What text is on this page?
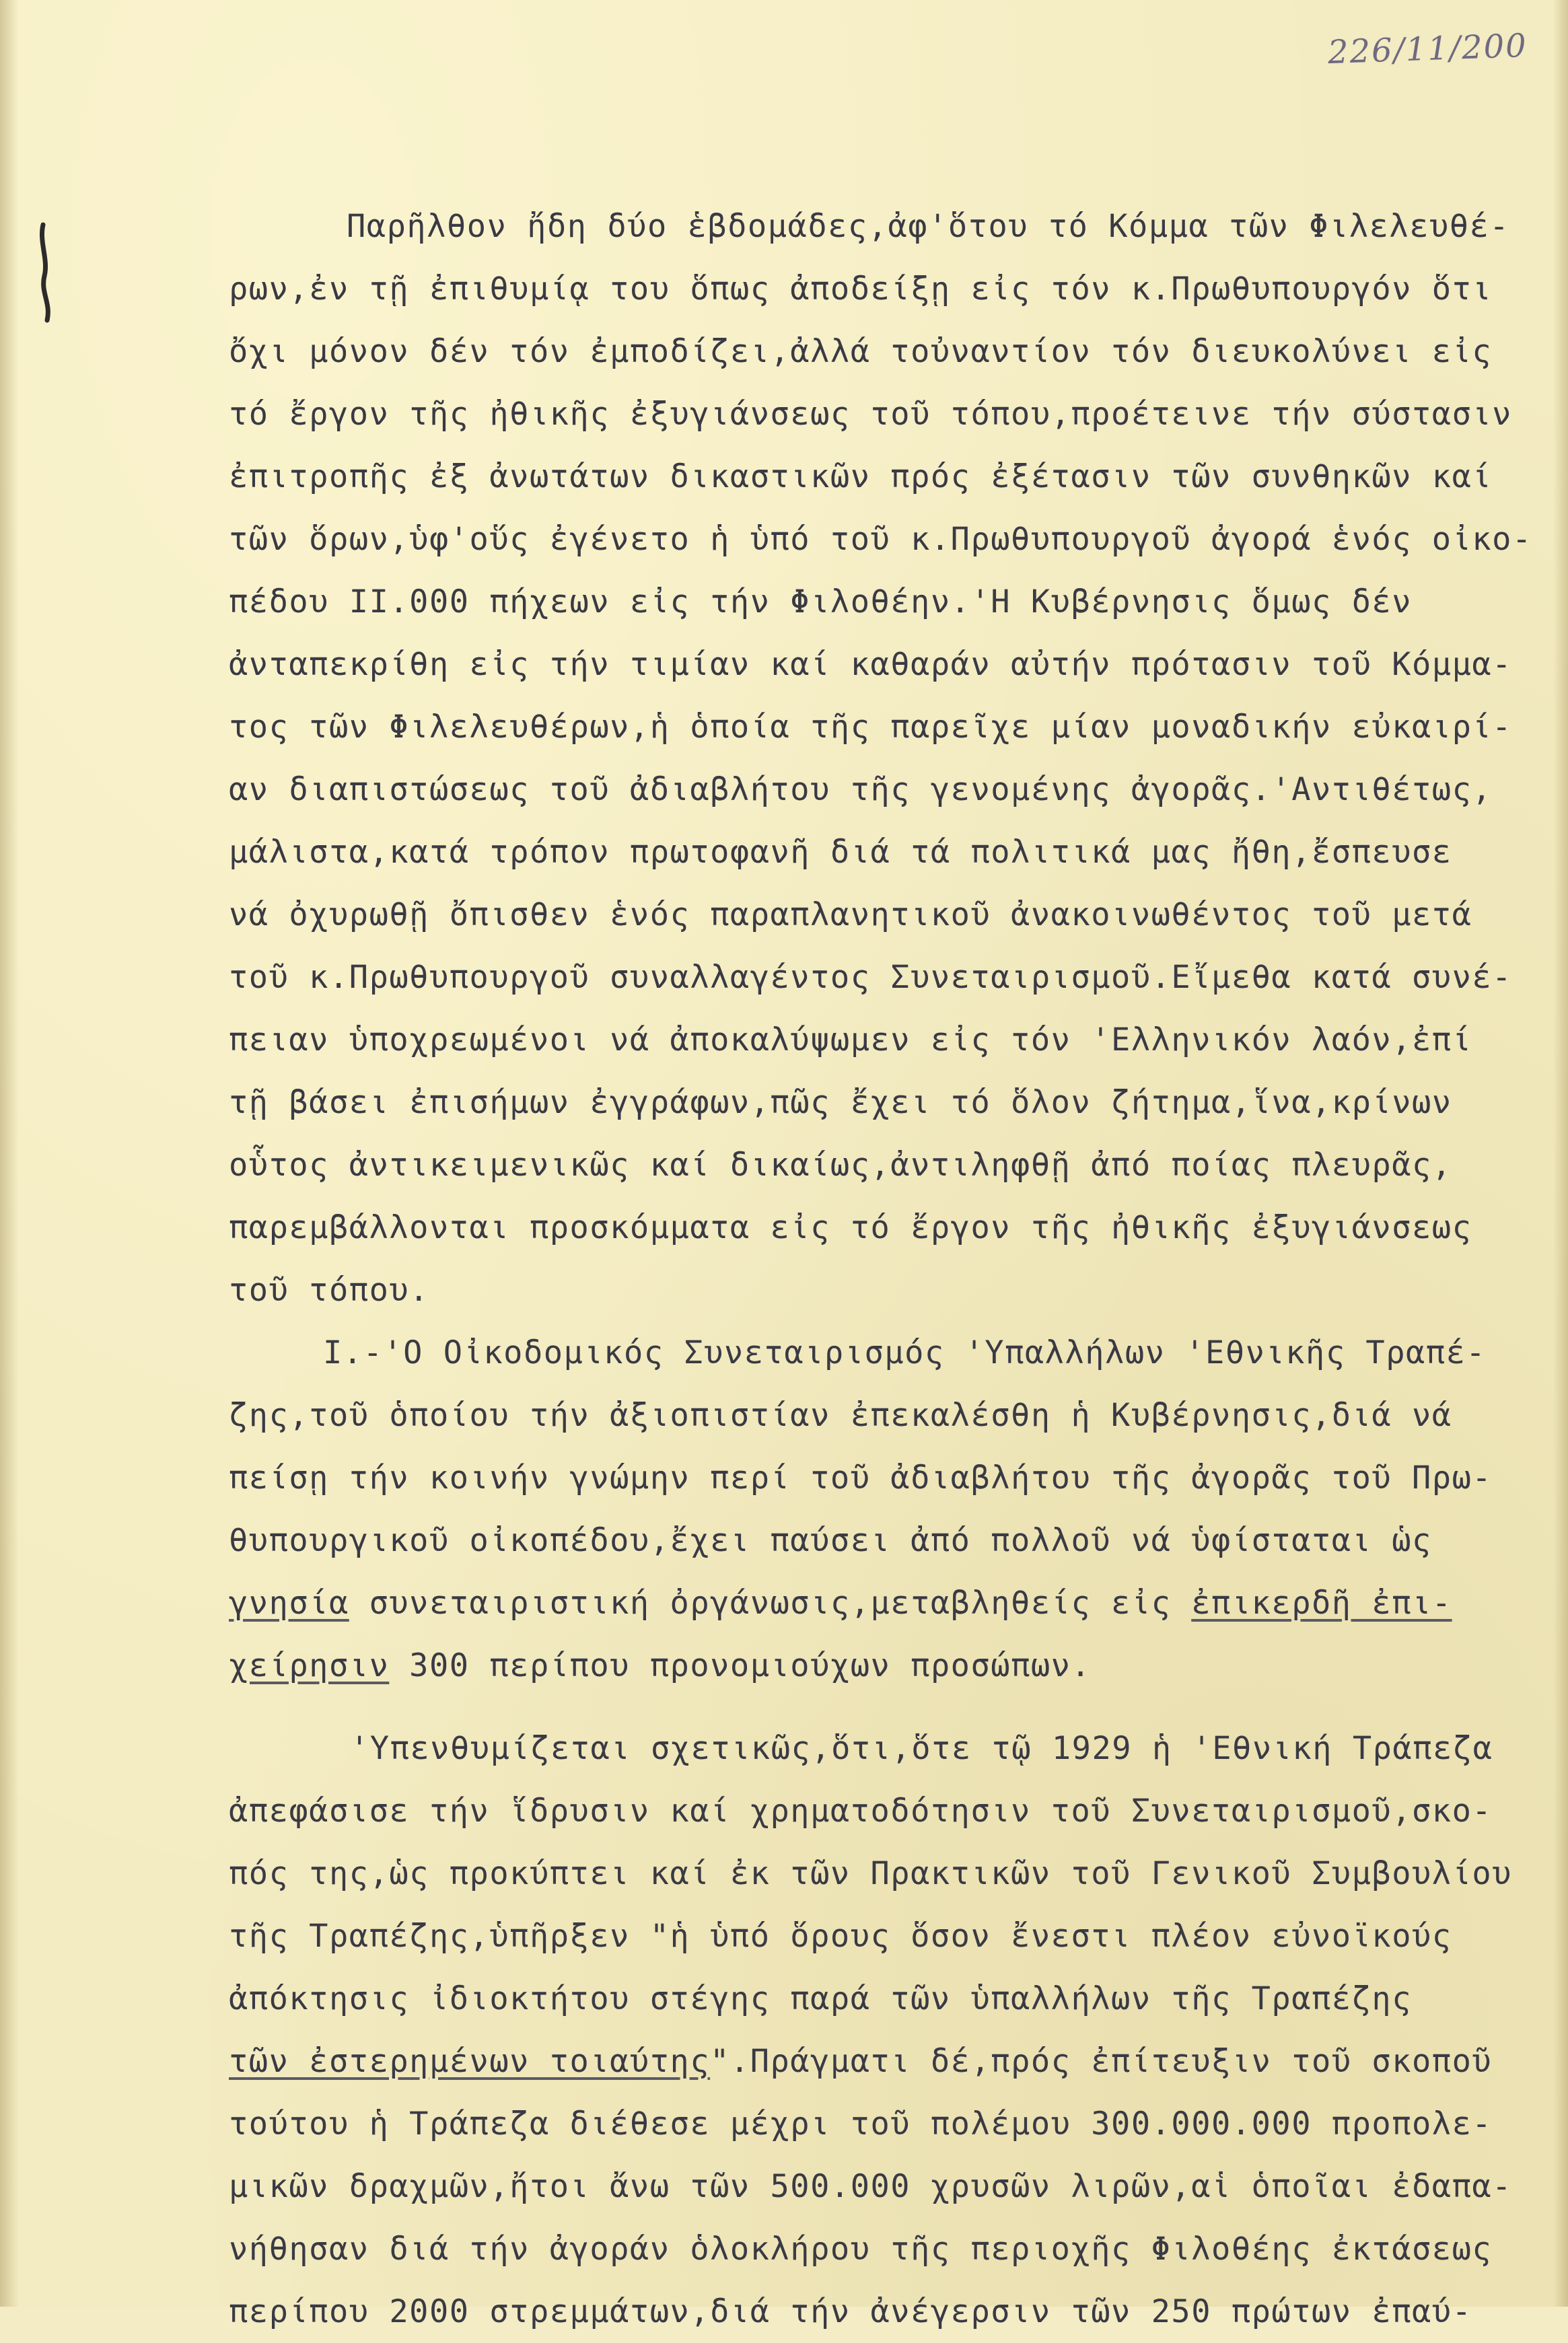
226/11/200
Παρῆλθον ἤδη δύο ἑβδομάδες,ἀφ'ὅτου τό Κόμμα τῶν Φιλελευθέ-
ρων,ἐν τῇ ἐπιθυμίᾳ του ὅπως ἀποδείξῃ εἰς τόν κ.Πρωθυπουργόν ὅτι
ὄχι μόνον δέν τόν ἐμποδίζει,ἀλλά τοὐναντίον τόν διευκολύνει εἰς
τό ἔργον τῆς ἠθικῆς ἐξυγιάνσεως τοῦ τόπου,προέτεινε τήν σύστασιν
ἐπιτροπῆς ἐξ ἀνωτάτων δικαστικῶν πρός ἐξέτασιν τῶν συνθηκῶν καί
τῶν ὅρων,ὑφ'οὕς ἐγένετο ἡ ὑπό τοῦ κ.Πρωθυπουργοῦ ἀγορά ἑνός οἰκο-
πέδου ΙΙ.000 πήχεων εἰς τήν Φιλοθέην.'Η Κυβέρνησις ὅμως δέν
ἀνταπεκρίθη εἰς τήν τιμίαν καί καθαράν αὐτήν πρότασιν τοῦ Κόμμα-
τος τῶν Φιλελευθέρων,ἡ ὁποία τῆς παρεῖχε μίαν μοναδικήν εὐκαιρί-
αν διαπιστώσεως τοῦ ἀδιαβλήτου τῆς γενομένης ἀγορᾶς.'Αντιθέτως,
μάλιστα,κατά τρόπον πρωτοφανῆ διά τά πολιτικά μας ἤθη,ἔσπευσε
νά ὀχυρωθῇ ὄπισθεν ἑνός παραπλανητικοῦ ἀνακοινωθέντος τοῦ μετά
τοῦ κ.Πρωθυπουργοῦ συναλλαγέντος Συνεταιρισμοῦ.Εἴμεθα κατά συνέ-
πειαν ὑποχρεωμένοι νά ἀποκαλύψωμεν εἰς τόν 'Ελληνικόν λαόν,ἐπί
τῇ βάσει ἐπισήμων ἐγγράφων,πῶς ἔχει τό ὅλον ζήτημα,ἵνα,κρίνων
οὗτος ἀντικειμενικῶς καί δικαίως,ἀντιληφθῇ ἀπό ποίας πλευρᾶς,
παρεμβάλλονται προσκόμματα εἰς τό ἔργον τῆς ἠθικῆς ἐξυγιάνσεως
τοῦ τόπου.
Ι.-'Ο Οἰκοδομικός Συνεταιρισμός 'Υπαλλήλων 'Εθνικῆς Τραπέ-
ζης,τοῦ ὁποίου τήν ἀξιοπιστίαν ἐπεκαλέσθη ἡ Κυβέρνησις,διά νά
πείσῃ τήν κοινήν γνώμην περί τοῦ ἀδιαβλήτου τῆς ἀγορᾶς τοῦ Πρω-
θυπουργικοῦ οἰκοπέδου,ἔχει παύσει ἀπό πολλοῦ νά ὑφίσταται ὡς
γνησία συνεταιριστική ὀργάνωσις,μεταβληθείς εἰς ἐπικερδῆ ἐπι-
χείρησιν 300 περίπου προνομιούχων προσώπων.
'Υπενθυμίζεται σχετικῶς,ὅτι,ὅτε τῷ 1929 ἡ 'Εθνική Τράπεζα
ἀπεφάσισε τήν ἵδρυσιν καί χρηματοδότησιν τοῦ Συνεταιρισμοῦ,σκο-
πός της,ὡς προκύπτει καί ἐκ τῶν Πρακτικῶν τοῦ Γενικοῦ Συμβουλίου
τῆς Τραπέζης,ὑπῆρξεν "ἡ ὑπό ὅρους ὅσον ἔνεστι πλέον εὐνοϊκούς
ἀπόκτησις ἰδιοκτήτου στέγης παρά τῶν ὑπαλλήλων τῆς Τραπέζης
τῶν ἐστερημένων τοιαύτης".Πράγματι δέ,πρός ἐπίτευξιν τοῦ σκοποῦ
τούτου ἡ Τράπεζα διέθεσε μέχρι τοῦ πολέμου 300.000.000 προπολε-
μικῶν δραχμῶν,ἤτοι ἄνω τῶν 500.000 χρυσῶν λιρῶν,αἱ ὁποῖαι ἐδαπα-
νήθησαν διά τήν ἀγοράν ὁλοκλήρου τῆς περιοχῆς Φιλοθέης ἐκτάσεως
περίπου 2000 στρεμμάτων,διά τήν ἀνέγερσιν τῶν 250 πρώτων ἐπαύ-
